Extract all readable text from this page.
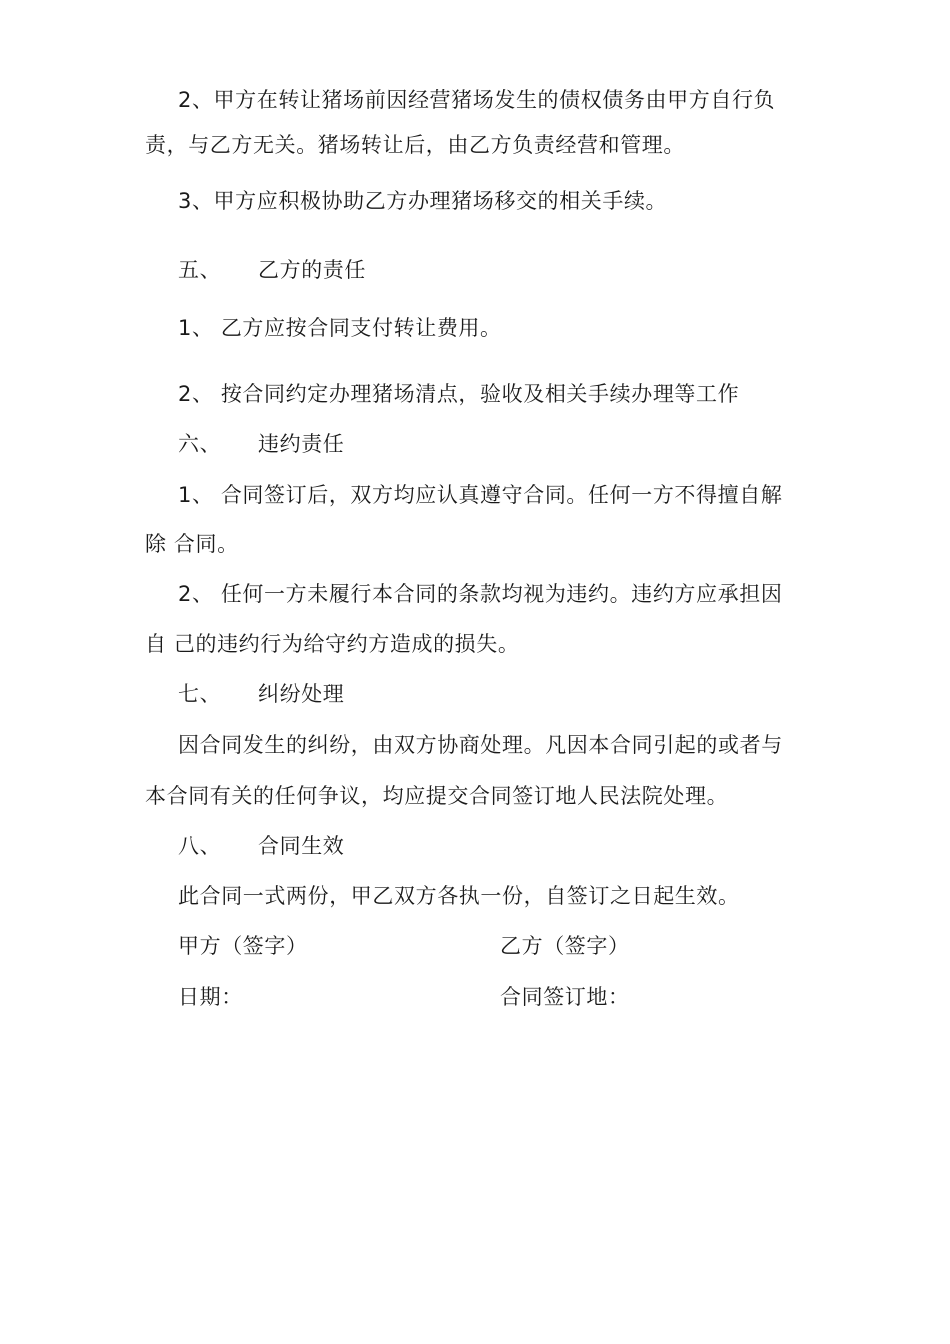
2、甲方在转让猪场前因经营猪场发生的债权债务由甲方自行负
责，与乙方无关。猪场转让后，由乙方负责经营和管理。
3、甲方应积极协助乙方办理猪场移交的相关手续。
五、 乙方的责任
1、 乙方应按合同支付转让费用。
2、 按合同约定办理猪场清点，验收及相关手续办理等工作
六、 违约责任
1、 合同签订后，双方均应认真遵守合同。任何一方不得擅自解
除 合同。
2、 任何一方未履行本合同的条款均视为违约。违约方应承担因
自 己的违约行为给守约方造成的损失。
七、 纠纷处理
因合同发生的纠纷，由双方协商处理。凡因本合同引起的或者与
本合同有关的任何争议，均应提交合同签订地人民法院处理。
八、 合同生效
此合同一式两份，甲乙双方各执一份，自签订之日起生效。
甲方（签字）	乙方（签字）
日期：	合同签订地：
